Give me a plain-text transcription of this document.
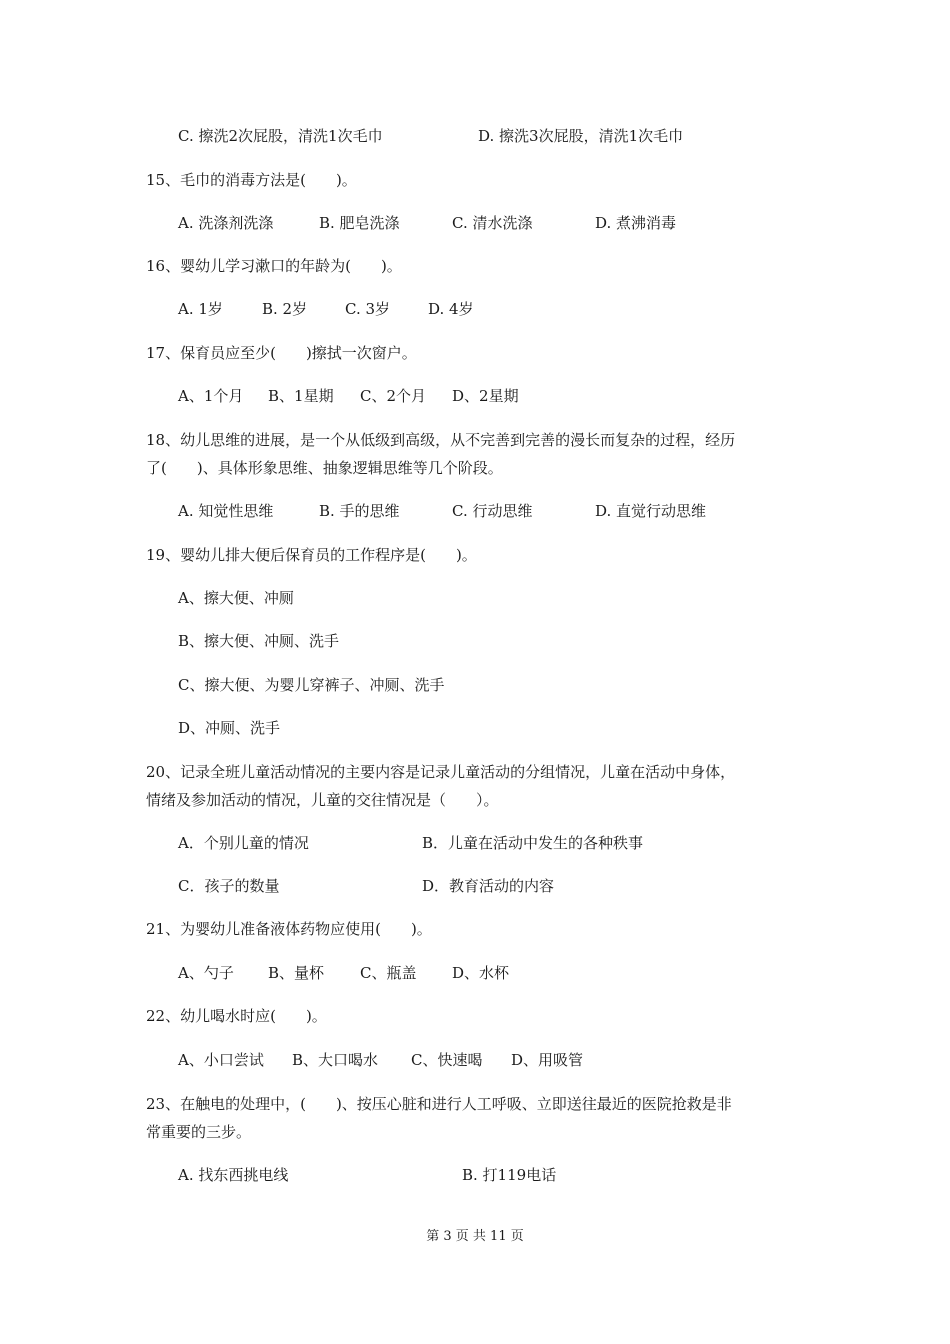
C. 擦洗2次屁股，清洗1次毛巾	D. 擦洗3次屁股，清洗1次毛巾
15、毛巾的消毒方法是(　　)。
A. 洗涤剂洗涤	B. 肥皂洗涤	C. 清水洗涤	D. 煮沸消毒
16、婴幼儿学习漱口的年龄为(　　)。
A. 1岁	B. 2岁	C. 3岁	D. 4岁
17、保育员应至少(　　)擦拭一次窗户。
A、1个月 B、1星期 C、2个月 D、2星期
18、幼儿思维的进展，是一个从低级到高级，从不完善到完善的漫长而复杂的过程，经历
了(　　)、具体形象思维、抽象逻辑思维等几个阶段。
A. 知觉性思维	B. 手的思维	C. 行动思维	D. 直觉行动思维
19、婴幼儿排大便后保育员的工作程序是(　　)。
A、擦大便、冲厕
B、擦大便、冲厕、洗手
C、擦大便、为婴儿穿裤子、冲厕、洗手
D、冲厕、洗手
20、记录全班儿童活动情况的主要内容是记录儿童活动的分组情况，儿童在活动中身体，
情绪及参加活动的情况，儿童的交往情况是（　　）。
A．个别儿童的情况	B．儿童在活动中发生的各种秩事
C．孩子的数量	D．教育活动的内容
21、为婴幼儿准备液体药物应使用(　　)。
A、勺子 B、量杯 C、瓶盖 D、水杯
22、幼儿喝水时应(　　)。
A、小口尝试 B、大口喝水 C、快速喝 D、用吸管
23、在触电的处理中，(　　)、按压心脏和进行人工呼吸、立即送往最近的医院抢救是非
常重要的三步。
A. 找东西挑电线	B. 打119电话
第 3 页 共 11 页
